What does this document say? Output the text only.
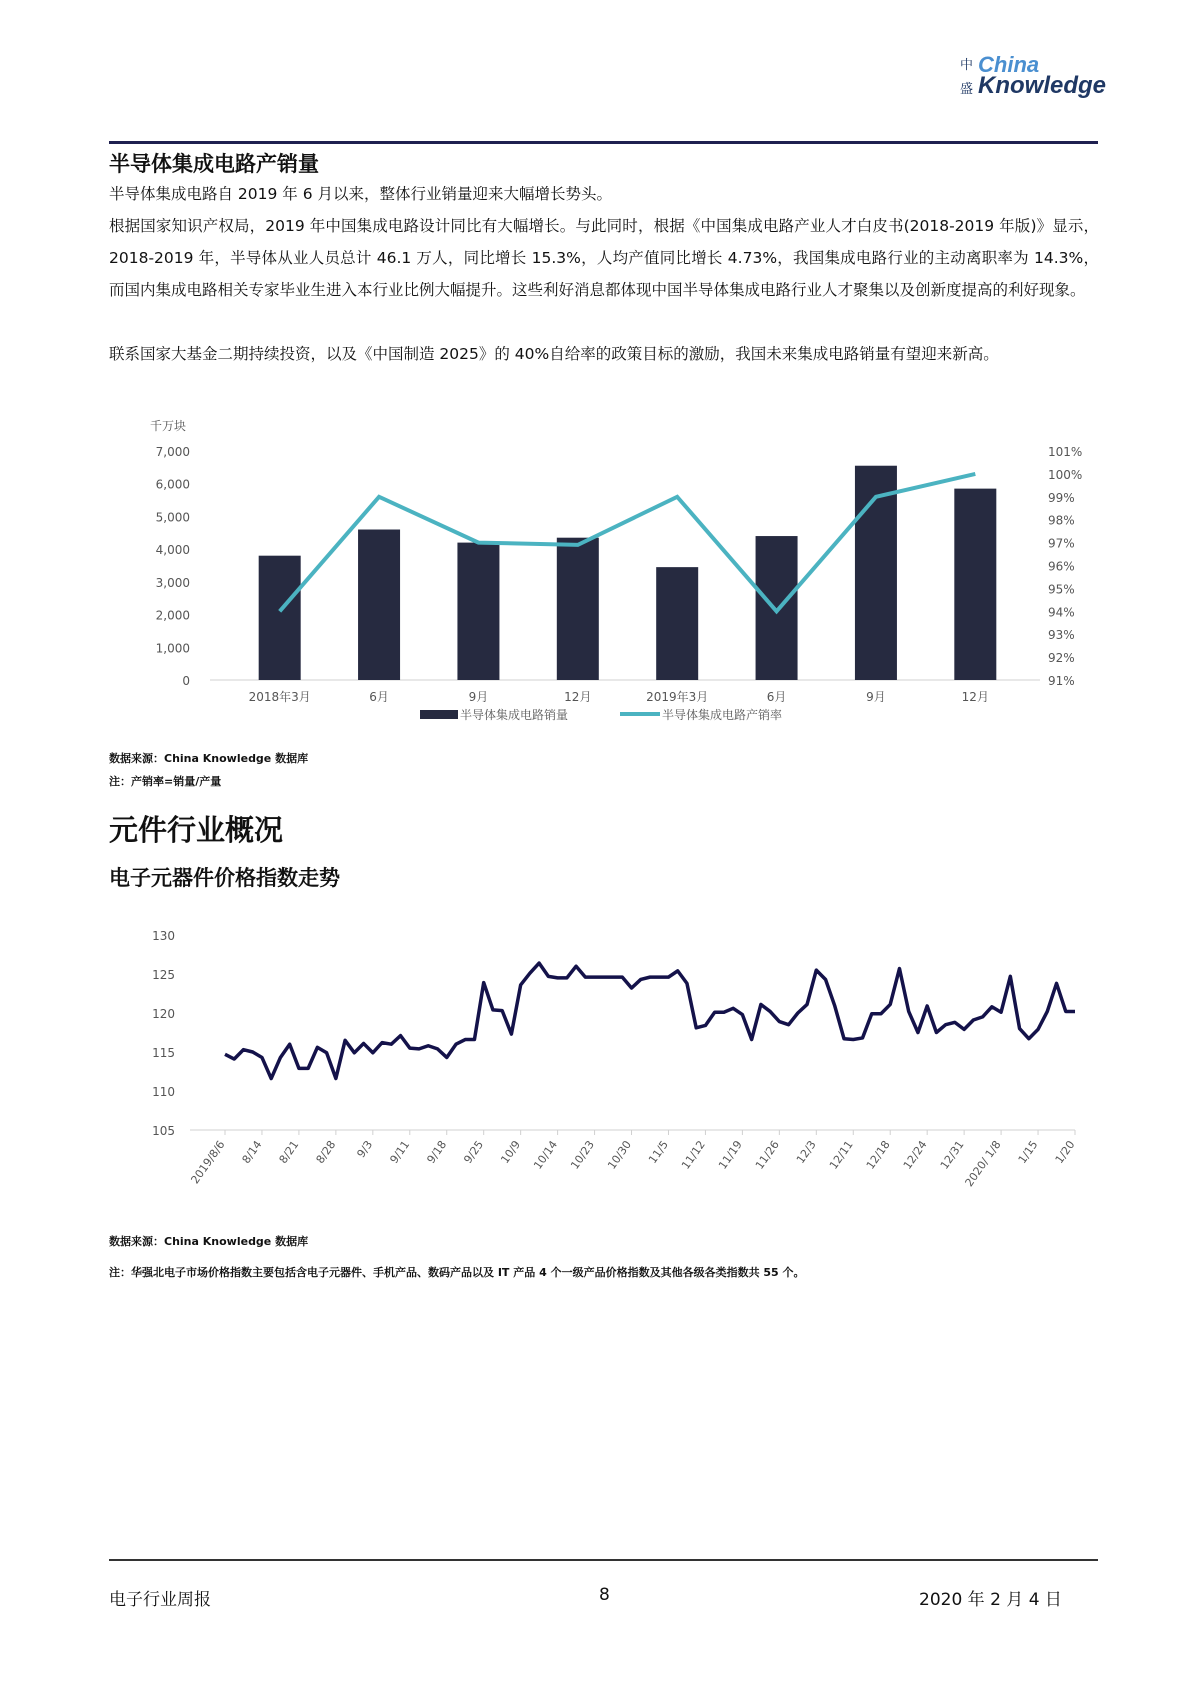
中
盛
China
Knowledge
半导体集成电路产销量

半导体集成电路自 2019 年 6 月以来，整体行业销量迎来大幅增长势头。

根据国家知识产权局，2019 年中国集成电路设计同比有大幅增长。与此同时，根据《中国集成电路产业人才白皮书(2018-2019 年版)》显示，2018-2019 年，半导体从业人员总计 46.1 万人，同比增长 15.3%，人均产值同比增长 4.73%，我国集成电路行业的主动离职率为 14.3%，而国内集成电路相关专家毕业生进入本行业比例大幅提升。这些利好消息都体现中国半导体集成电路行业人才聚集以及创新度提高的利好现象。

联系国家大基金二期持续投资，以及《中国制造 2025》的 40%自给率的政策目标的激励，我国未来集成电路销量有望迎来新高。

千万块
0
1,000
2,000
3,000
4,000
5,000
6,000
7,000
91%
92%
93%
94%
95%
96%
97%
98%
99%
100%
101%
2018年3月	6月	9月	12月	2019年3月	6月	9月	12月
半导体集成电路销量	半导体集成电路产销率
数据来源：China Knowledge 数据库
注：产销率=销量/产量
元件行业概况
电子元器件价格指数走势
105
110
115
120
125
130
2019/8/6 8/14 8/21 8/28 9/3 9/11 9/18 9/25 10/9 10/14 10/23 10/30 11/5 11/12 11/19 11/26 12/3 12/11 12/18 12/24 12/31
2020/ 1/8 1/15 1/20
数据来源：China Knowledge 数据库
注：华强北电子市场价格指数主要包括含电子元器件、手机产品、数码产品以及 IT 产品 4 个一级产品价格指数及其他各级各类指数共 55 个。
电子行业周报	8	2020 年 2 月 4 日
